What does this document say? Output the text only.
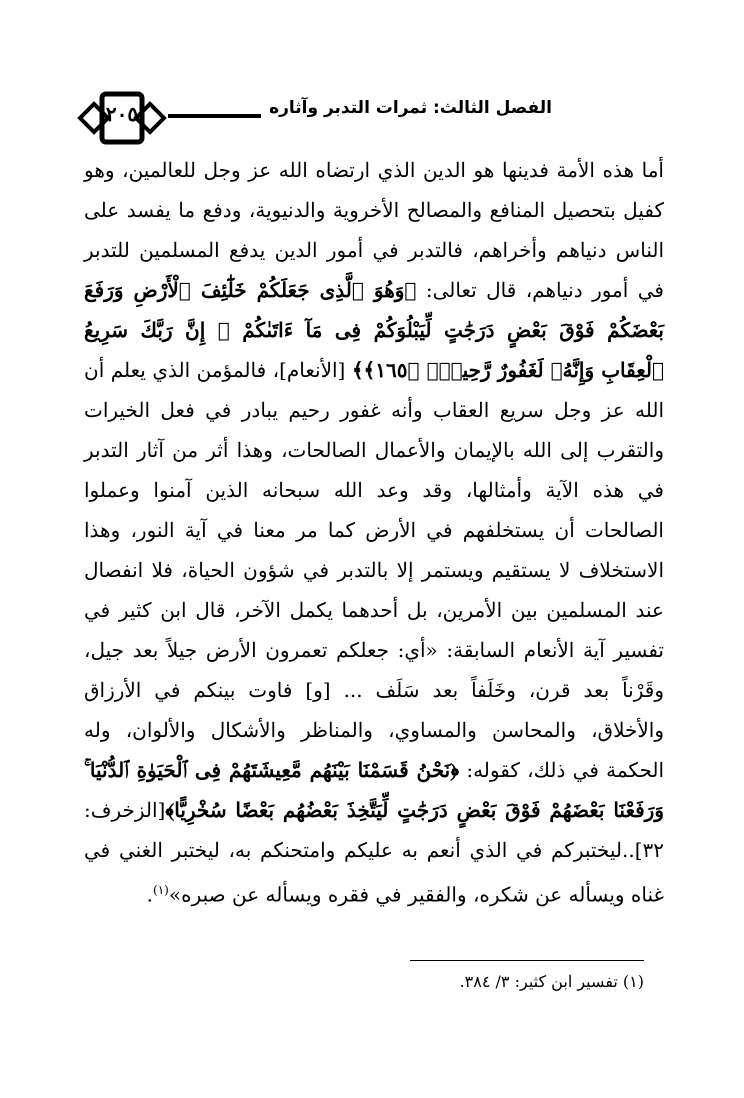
٢٠٥	الفصل الثالث: ثمرات التدبر وآثاره

أما هذه الأمة فدينها هو الدين الذي ارتضاه الله عز وجل للعالمين، وهو كفيل بتحصيل المنافع والمصالح الأخروية والدنيوية، ودفع ما يفسد على الناس دنياهم وأخراهم، فالتدبر في أمور الدين يدفع المسلمين للتدبر في أمور دنياهم، قال تعالى: ﴿وَهُوَ ٱلَّذِى جَعَلَكُمْ خَلَٰٓئِفَ ٱلْأَرْضِ وَرَفَعَ بَعْضَكُمْ فَوْقَ بَعْضٍ دَرَجَٰتٍ لِّيَبْلُوَكُمْ فِى مَآ ءَاتَىٰكُمْ ۗ إِنَّ رَبَّكَ سَرِيعُ ٱلْعِقَابِ وَإِنَّهُۥ لَغَفُورٌ رَّحِيمٌۢ ﴿١٦٥﴾﴾ [الأنعام]، فالمؤمن الذي يعلم أن الله عز وجل سريع العقاب وأنه غفور رحيم يبادر في فعل الخيرات والتقرب إلى الله بالإيمان والأعمال الصالحات، وهذا أثر من آثار التدبر في هذه الآية وأمثالها، وقد وعد الله سبحانه الذين آمنوا وعملوا الصالحات أن يستخلفهم في الأرض كما مر معنا في آية النور، وهذا الاستخلاف لا يستقيم ويستمر إلا بالتدبر في شؤون الحياة، فلا انفصال عند المسلمين بين الأمرين، بل أحدهما يكمل الآخر، قال ابن كثير في تفسير آية الأنعام السابقة: «أي: جعلكم تعمرون الأرض جيلاً بعد جيل، وقَرْناً بعد قرن، وخَلَفاً بعد سَلَف ... [و] فاوت بينكم في الأرزاق والأخلاق، والمحاسن والمساوي، والمناظر والأشكال والألوان، وله الحكمة في ذلك، كقوله: ﴿نَحْنُ قَسَمْنَا بَيْنَهُم مَّعِيشَتَهُمْ فِى ٱلْحَيَوٰةِ ٱلدُّنْيَا ۚ وَرَفَعْنَا بَعْضَهُمْ فَوْقَ بَعْضٍ دَرَجَٰتٍ لِّيَتَّخِذَ بَعْضُهُم بَعْضًا سُخْرِيًّا﴾[الزخرف: ٣٢]..ليختبركم في الذي أنعم به عليكم وامتحنكم به، ليختبر الغني في غناه ويسأله عن شكره، والفقير في فقره ويسأله عن صبره»$^{(١)}$.

(١) تفسير ابن كثير: ٣/ ٣٨٤.
